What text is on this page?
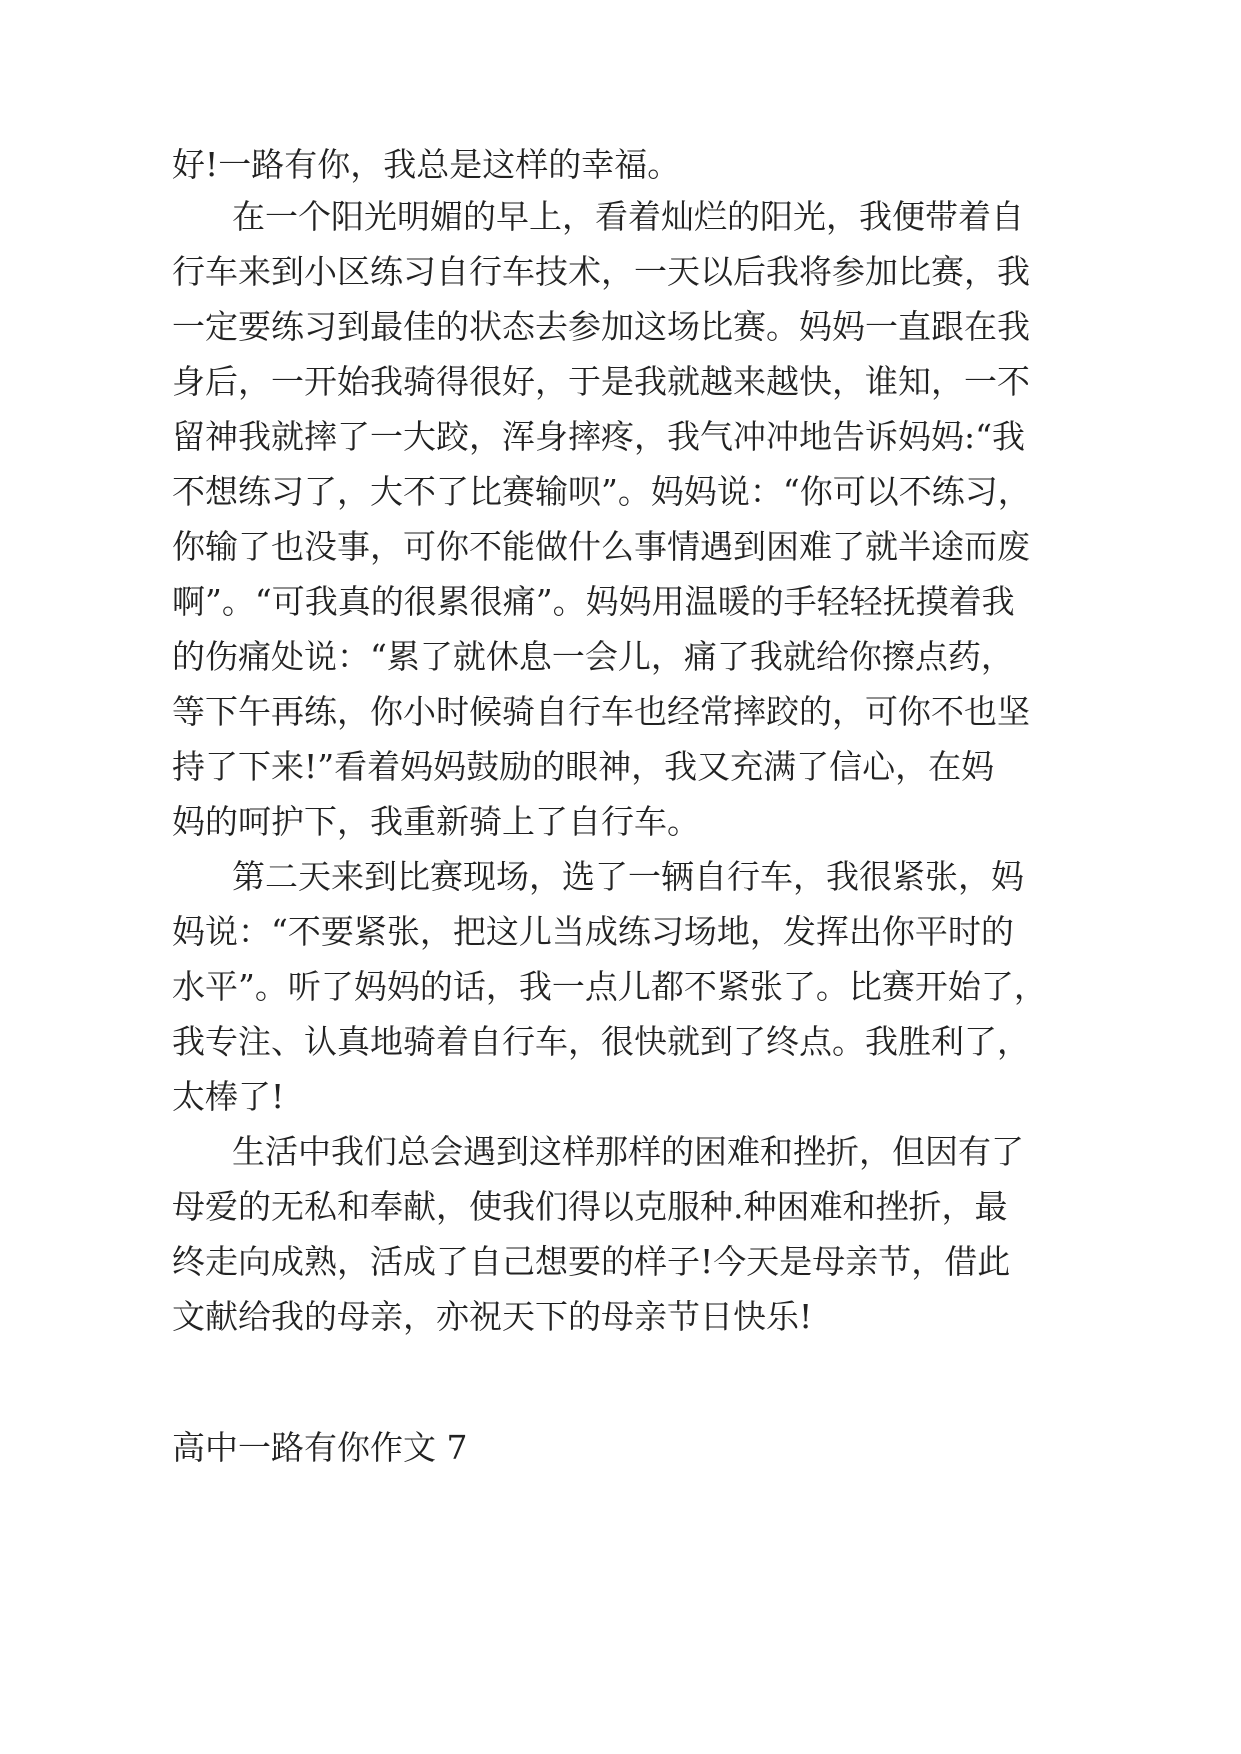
好!一路有你，我总是这样的幸福。
在一个阳光明媚的早上，看着灿烂的阳光，我便带着自
行车来到小区练习自行车技术，一天以后我将参加比赛，我
一定要练习到最佳的状态去参加这场比赛。妈妈一直跟在我
身后，一开始我骑得很好，于是我就越来越快，谁知，一不
留神我就摔了一大跤，浑身摔疼，我气冲冲地告诉妈妈:“我
不想练习了，大不了比赛输呗”。妈妈说：“你可以不练习，
你输了也没事，可你不能做什么事情遇到困难了就半途而废
啊”。“可我真的很累很痛”。妈妈用温暖的手轻轻抚摸着我
的伤痛处说：“累了就休息一会儿，痛了我就给你擦点药，
等下午再练，你小时候骑自行车也经常摔跤的，可你不也坚
持了下来!”看着妈妈鼓励的眼神，我又充满了信心，在妈
妈的呵护下，我重新骑上了自行车。
第二天来到比赛现场，选了一辆自行车，我很紧张，妈
妈说：“不要紧张，把这儿当成练习场地，发挥出你平时的
水平”。听了妈妈的话，我一点儿都不紧张了。比赛开始了，
我专注、认真地骑着自行车，很快就到了终点。我胜利了，
太棒了!
生活中我们总会遇到这样那样的困难和挫折，但因有了
母爱的无私和奉献，使我们得以克服种.种困难和挫折，最
终走向成熟，活成了自己想要的样子!今天是母亲节，借此
文献给我的母亲，亦祝天下的母亲节日快乐!
高中一路有你作文 7
